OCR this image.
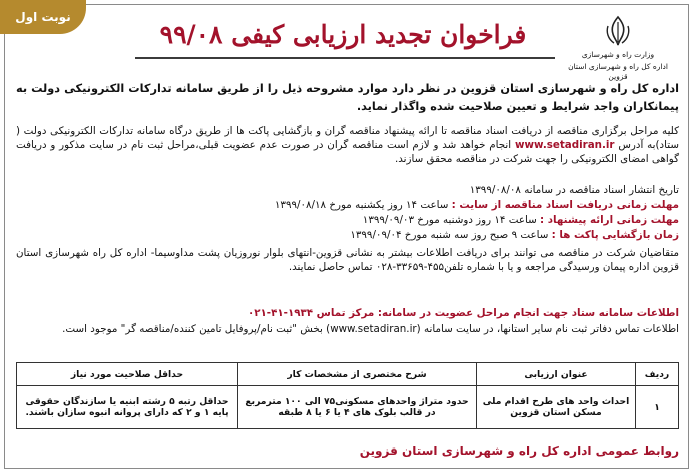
نوبت اول
وزارت راه و شهرسازی
اداره کل راه و شهرسازی استان قزوین
فراخوان تجدید ارزیابی کیفی ۹۹/۰۸
اداره کل راه و شهرسازی استان قزوین در نظر دارد موارد مشروحه ذیل را از طریق سامانه تدارکات الکترونیکی دولت به پیمانکاران واجد شرایط و تعیین صلاحیت شده واگذار نماید.
کلیه مراحل برگزاری مناقصه از دریافت اسناد مناقصه تا ارائه پیشنهاد مناقصه گران و بازگشایی پاکت ها از طریق درگاه سامانه تدارکات الکترونیکی دولت ( ستاد)به آدرس www.setadiran.ir انجام خواهد شد و لازم است مناقصه گران در صورت عدم عضویت قبلی،مراحل ثبت نام در سایت مذکور و دریافت گواهی امضای الکترونیکی را جهت شرکت در مناقصه محقق سازند.
تاریخ انتشار اسناد مناقصه در سامانه ۱۳۹۹/۰۸/۰۸
مهلت زمانی دریافت اسناد مناقصه از سایت : ساعت ۱۴ روز یکشنبه مورخ ۱۳۹۹/۰۸/۱۸
مهلت زمانی ارائه پیشنهاد : ساعت ۱۴ روز دوشنبه مورخ ۱۳۹۹/۰۹/۰۳
زمان بازگشایی پاکت ها : ساعت ۹ صبح روز سه شنبه مورخ ۱۳۹۹/۰۹/۰۴
متقاضیان شرکت در مناقصه می توانند برای دریافت اطلاعات بیشتر به نشانی قزوین-انتهای بلوار نوروزیان پشت مداوسیما- اداره کل راه شهرسازی استان قزوین اداره پیمان ورسیدگی مراجعه و یا با شماره تلفن۴۵۵-۳۳۶۵۹-۰۲۸ تماس حاصل نمایند.
اطلاعات سامانه ستاد جهت انجام مراحل عضویت در سامانه: مرکز تماس ۱۹۳۴-۴۱-۰۲۱
اطلاعات تماس دفاتر ثبت نام سایر استانها، در سایت سامانه (www.setadiran.ir) بخش "ثبت نام/پروفایل تامین کننده/مناقصه گر" موجود است.
ردیف	عنوان ارزیابی	شرح مختصری از مشخصات کار	حداقل صلاحیت مورد نیاز
۱	احداث واحد های طرح اقدام ملی مسکن استان قزوین	حدود متراژ واحدهای مسکونی۷۵ الی ۱۰۰ مترمربع در قالب بلوک های ۴ یا ۶ یا ۸ طبقه	حداقل رتبه ۵ رشته ابنیه یا سازندگان حقوقی پایه ۱ و ۲ که دارای پروانه انبوه سازان باشند.
روابط عمومی اداره کل راه و شهرسازی استان قزوین
